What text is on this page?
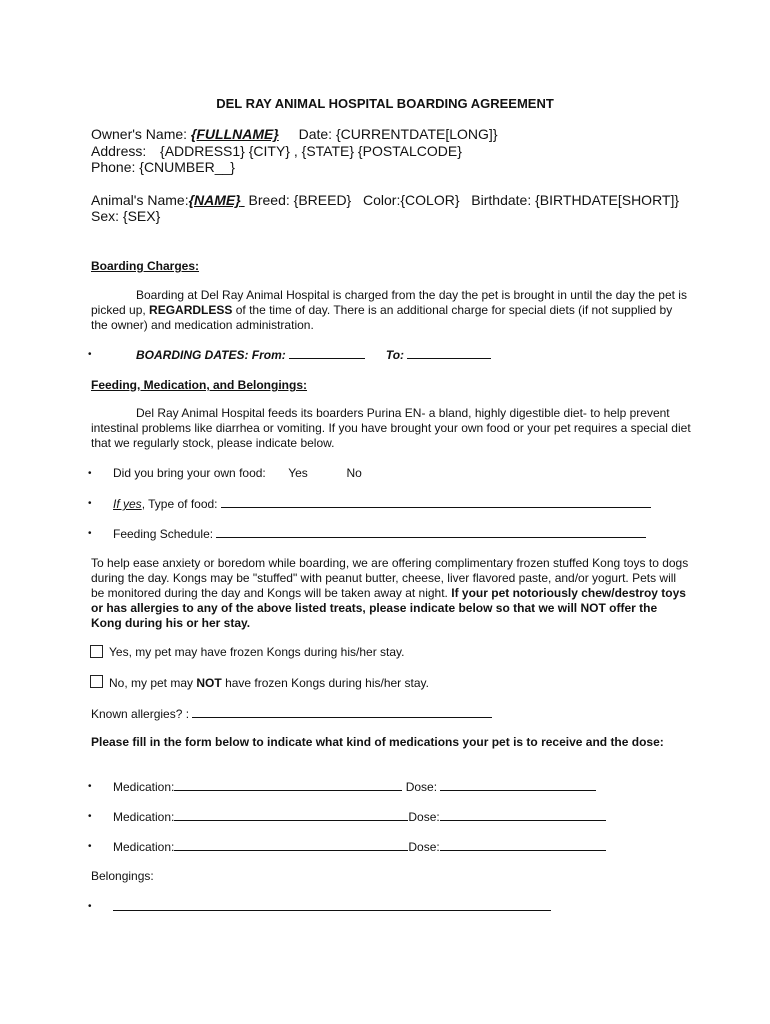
DEL RAY ANIMAL HOSPITAL BOARDING AGREEMENT
Owner's Name: {FULLNAME} Date: {CURRENTDATE[LONG]}
Address: {ADDRESS1} {CITY} , {STATE} {POSTALCODE}
Phone: {CNUMBER__}
Animal's Name:{NAME} Breed: {BREED} Color:{COLOR} Birthdate: {BIRTHDATE[SHORT]}
Sex: {SEX}
Boarding Charges:
Boarding at Del Ray Animal Hospital is charged from the day the pet is brought in until the day the pet is picked up, REGARDLESS of the time of day. There is an additional charge for special diets (if not supplied by the owner) and medication administration.
•	BOARDING DATES: From:	To:
Feeding, Medication, and Belongings:
Del Ray Animal Hospital feeds its boarders Purina EN- a bland, highly digestible diet- to help prevent intestinal problems like diarrhea or vomiting. If you have brought your own food or your pet requires a special diet that we regularly stock, please indicate below.
• Did you bring your own food: Yes	No
• If yes, Type of food:
• Feeding Schedule:
To help ease anxiety or boredom while boarding, we are offering complimentary frozen stuffed Kong toys to dogs during the day. Kongs may be "stuffed" with peanut butter, cheese, liver flavored paste, and/or yogurt. Pets will be monitored during the day and Kongs will be taken away at night. If your pet notoriously chew/destroy toys or has allergies to any of the above listed treats, please indicate below so that we will NOT offer the Kong during his or her stay.
Yes, my pet may have frozen Kongs during his/her stay.
No, my pet may NOT have frozen Kongs during his/her stay.
Known allergies? :
Please fill in the form below to indicate what kind of medications your pet is to receive and the dose:
• Medication:	Dose:
• Medication:	Dose:
• Medication:	Dose:
Belongings:
•
